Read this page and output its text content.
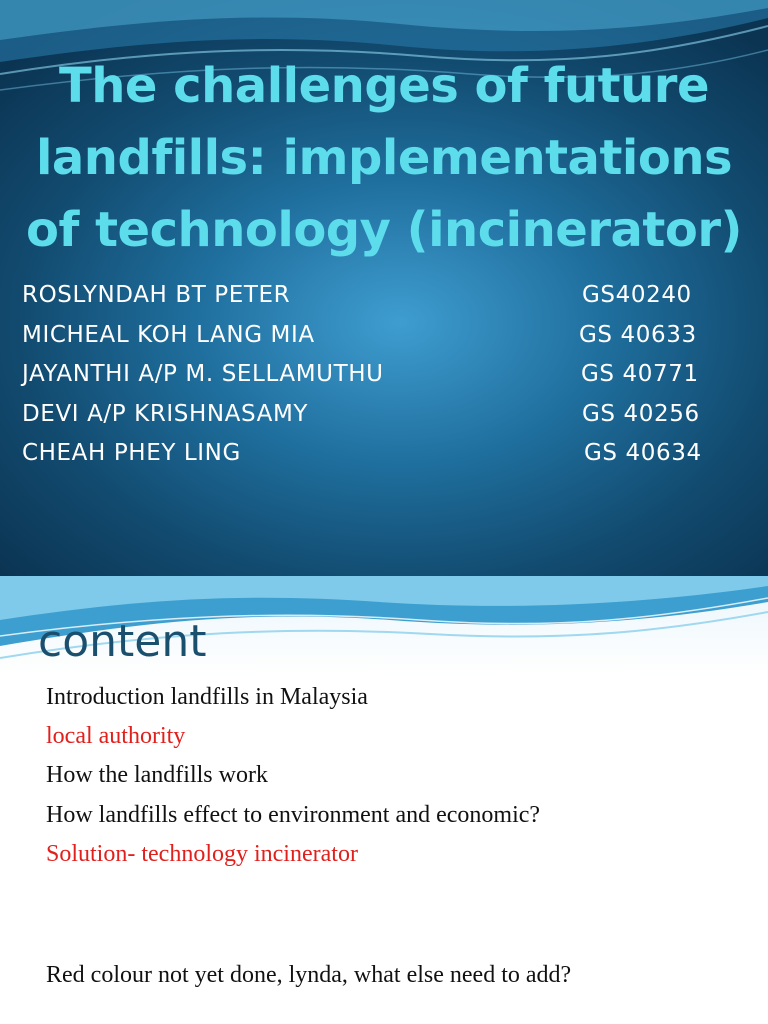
The challenges of future
landfills: implementations
of technology (incinerator)
ROSLYNDAH BT PETER	GS40240
MICHEAL KOH LANG MIA	GS 40633
JAYANTHI A/P M. SELLAMUTHU	GS 40771
DEVI A/P KRISHNASAMY	GS 40256
CHEAH PHEY LING	GS 40634
content
Introduction landfills in Malaysia
local authority
How the landfills work
How landfills effect to environment and economic?
Solution- technology incinerator
Red colour not yet done, lynda, what else need to add?
